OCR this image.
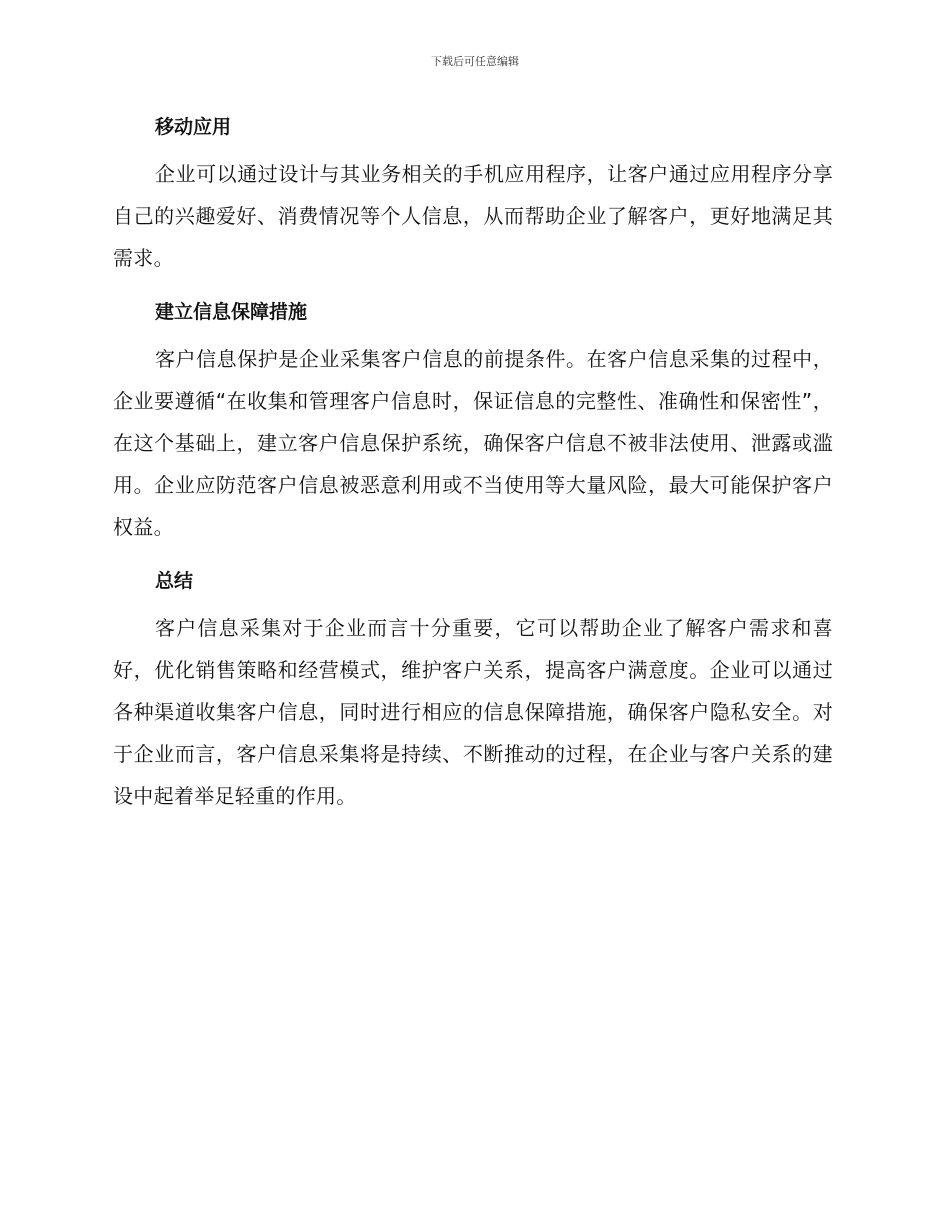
下载后可任意编辑
移动应用

企业可以通过设计与其业务相关的手机应用程序，让客户通过应用程序分享自己的兴趣爱好、消费情况等个人信息，从而帮助企业了解客户，更好地满足其需求。

建立信息保障措施

客户信息保护是企业采集客户信息的前提条件。在客户信息采集的过程中，企业要遵循“在收集和管理客户信息时，保证信息的完整性、准确性和保密性”，在这个基础上，建立客户信息保护系统，确保客户信息不被非法使用、泄露或滥用。企业应防范客户信息被恶意利用或不当使用等大量风险，最大可能保护客户权益。

总结

客户信息采集对于企业而言十分重要，它可以帮助企业了解客户需求和喜好，优化销售策略和经营模式，维护客户关系，提高客户满意度。企业可以通过各种渠道收集客户信息，同时进行相应的信息保障措施，确保客户隐私安全。对于企业而言，客户信息采集将是持续、不断推动的过程，在企业与客户关系的建设中起着举足轻重的作用。
